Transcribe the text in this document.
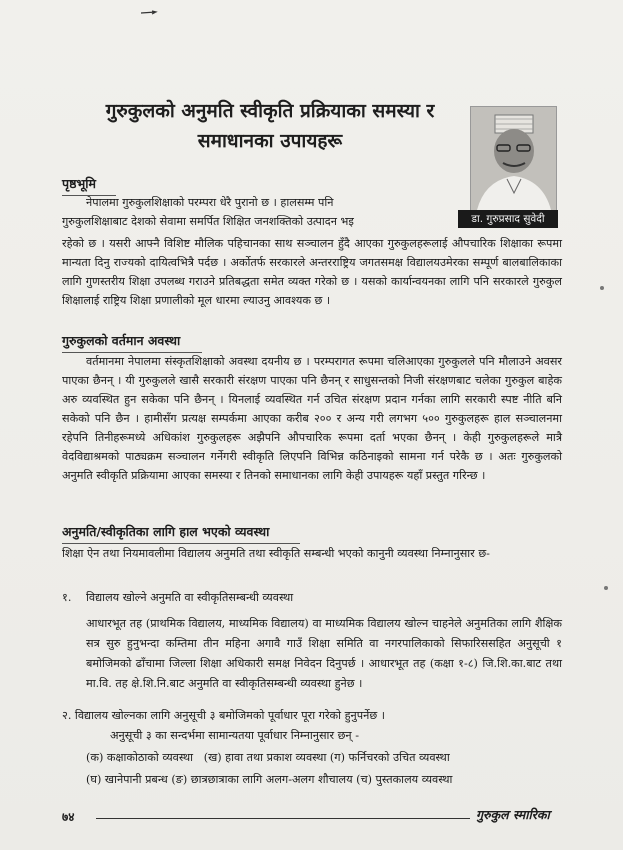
गुरुकुलको अनुमति स्वीकृति प्रक्रियाका समस्या र
समाधानका उपायहरू
डा. गुरुप्रसाद सुवेदी
पृष्ठभूमि
नेपालमा गुरुकुलशिक्षाको परम्परा धेरै पुरानो छ । हालसम्म पनि
गुरुकुलशिक्षाबाट देशको सेवामा समर्पित शिक्षित जनशक्तिको उत्पादन भइ

रहेको छ । यसरी आफ्नै विशिष्ट मौलिक पहिचानका साथ सञ्चालन हुँदै आएका गुरुकुलहरूलाई औपचारिक शिक्षाका रूपमा मान्यता दिनु राज्यको दायित्वभित्रै पर्दछ । अर्कोतर्फ सरकारले अन्तरराष्ट्रिय जगतसमक्ष विद्यालयउमेरका सम्पूर्ण बालबालिकाका लागि गुणस्तरीय शिक्षा उपलब्ध गराउने प्रतिबद्धता समेत व्यक्त गरेको छ । यसको कार्यान्वयनका लागि पनि सरकारले गुरुकुल शिक्षालाई राष्ट्रिय शिक्षा प्रणालीको मूल धारमा ल्याउनु आवश्यक छ ।

गुरुकुलको वर्तमान अवस्था

वर्तमानमा नेपालमा संस्कृतशिक्षाको अवस्था दयनीय छ । परम्परागत रूपमा चलिआएका गुरुकुलले पनि मौलाउने अवसर पाएका छैनन् । यी गुरुकुलले खासै सरकारी संरक्षण पाएका पनि छैनन् र साधुसन्तको निजी संरक्षणबाट चलेका गुरुकुल बाहेक अरु व्यवस्थित हुन सकेका पनि छैनन् । यिनलाई व्यवस्थित गर्न उचित संरक्षण प्रदान गर्नका लागि सरकारी स्पष्ट नीति बनि सकेको पनि छैन । हामीसँग प्रत्यक्ष सम्पर्कमा आएका करीब २०० र अन्य गरी लगभग ५०० गुरुकुलहरू हाल सञ्चालनमा रहेपनि तिनीहरूमध्ये अधिकांश गुरुकुलहरू अझैपनि औपचारिक रूपमा दर्ता भएका छैनन् । केही गुरुकुलहरूले मात्रै वेदविद्याश्रमको पाठ्यक्रम सञ्चालन गर्नेगरी स्वीकृति लिएपनि विभिन्न कठिनाइको सामना गर्न परेकै छ । अतः गुरुकुलको अनुमति स्वीकृति प्रक्रियामा आएका समस्या र तिनको समाधानका लागि केही उपायहरू यहाँ प्रस्तुत गरिन्छ ।

अनुमति/स्वीकृतिका लागि हाल भएको व्यवस्था

शिक्षा ऐन तथा नियमावलीमा विद्यालय अनुमति तथा स्वीकृति सम्बन्धी भएको कानुनी व्यवस्था निम्नानुसार छ-

१. विद्यालय खोल्ने अनुमति वा स्वीकृतिसम्बन्धी व्यवस्था

आधारभूत तह (प्राथमिक विद्यालय, माध्यमिक विद्यालय) वा माध्यमिक विद्यालय खोल्न चाहनेले अनुमतिका लागि शैक्षिक सत्र सुरु हुनुभन्दा कम्तिमा तीन महिना अगावै गाउँ शिक्षा समिति वा नगरपालिकाको सिफारिससहित अनुसूची १ बमोजिमको ढाँचामा जिल्ला शिक्षा अधिकारी समक्ष निवेदन दिनुपर्छ । आधारभूत तह (कक्षा १-८) जि.शि.का.बाट तथा मा.वि. तह क्षे.शि.नि.बाट अनुमति वा स्वीकृतिसम्बन्धी व्यवस्था हुनेछ ।

२. विद्यालय खोल्नका लागि अनुसूची ३ बमोजिमको पूर्वाधार पूरा गरेको हुनुपर्नेछ ।
अनुसूची ३ का सन्दर्भमा सामान्यतया पूर्वाधार निम्नानुसार छन् -
(क) कक्षाकोठाको व्यवस्था   (ख) हावा तथा प्रकाश व्यवस्था (ग) फर्निचरको उचित व्यवस्था
(घ) खानेपानी प्रबन्ध (ङ) छात्रछात्राका लागि अलग-अलग शौचालय (च) पुस्तकालय व्यवस्था
७४	गुरुकुल स्मारिका
